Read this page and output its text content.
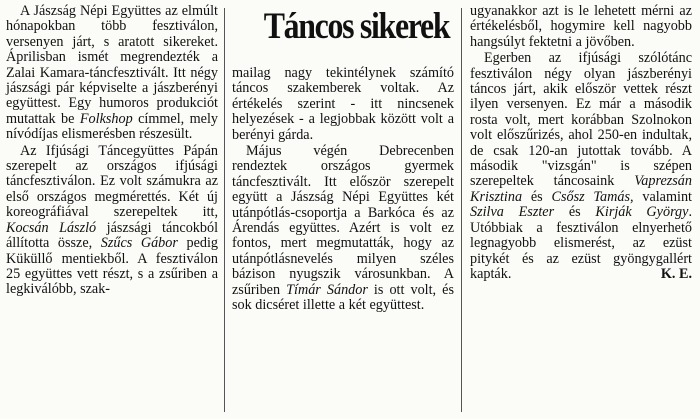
Táncos sikerek

A Jászság Népi Együttes az elmúlt hónapokban több fesztiválon, versenyen járt, s aratott sikereket. Áprilisban ismét megrendezték a Zalai Kamara-táncfesztivált. Itt négy jászsági pár képviselte a jászberényi együttest. Egy humoros produkciót mutattak be Folkshop címmel, mely nívódíjas elismerésben részesült.

Az Ifjúsági Táncegyüttes Pápán szerepelt az országos ifjúsági táncfesztiválon. Ez volt számukra az első országos megmérettés. Két új koreográfiával szerepeltek itt, Kocsán László jászsági táncokból állította össze, Szűcs Gábor pedig Küküllő mentiekből. A fesztiválon 25 együttes vett részt, s a zsűriben a legkiválóbb, szak-

mailag nagy tekintélynek számító táncos szakemberek voltak. Az értékelés szerint - itt nincsenek helyezések - a legjobbak között volt a berényi gárda.

Május végén Debrecenben rendeztek országos gyermek táncfesztivált. Itt először szerepelt együtt a Jászság Népi Együttes két utánpótlás-csoportja a Barkóca és az Árendás együttes. Azért is volt ez fontos, mert megmutatták, hogy az utánpótlásnevelés milyen széles bázison nyugszik városunkban. A zsűriben Tímár Sándor is ott volt, és sok dicséret illette a két együttest.

ugyanakkor azt is le lehetett mérni az értékelésből, hogymire kell nagyobb hangsúlyt fektetni a jövőben.

Egerben az ifjúsági szólótánc fesztiválon négy olyan jászberényi táncos járt, akik először vettek részt ilyen versenyen. Ez már a második rosta volt, mert korábban Szolnokon volt előszűrizés, ahol 250-en indultak, de csak 120-an jutottak tovább. A második "vizsgán" is szépen szerepeltek táncosaink Vaprezsán Krisztina és Csősz Tamás, valamint Szilva Eszter és Kirják György. Utóbbiak a fesztiválon elnyerhető legnagyobb elismerést, az ezüst pitykét és az ezüst gyöngygallért kapták.	K. E.
